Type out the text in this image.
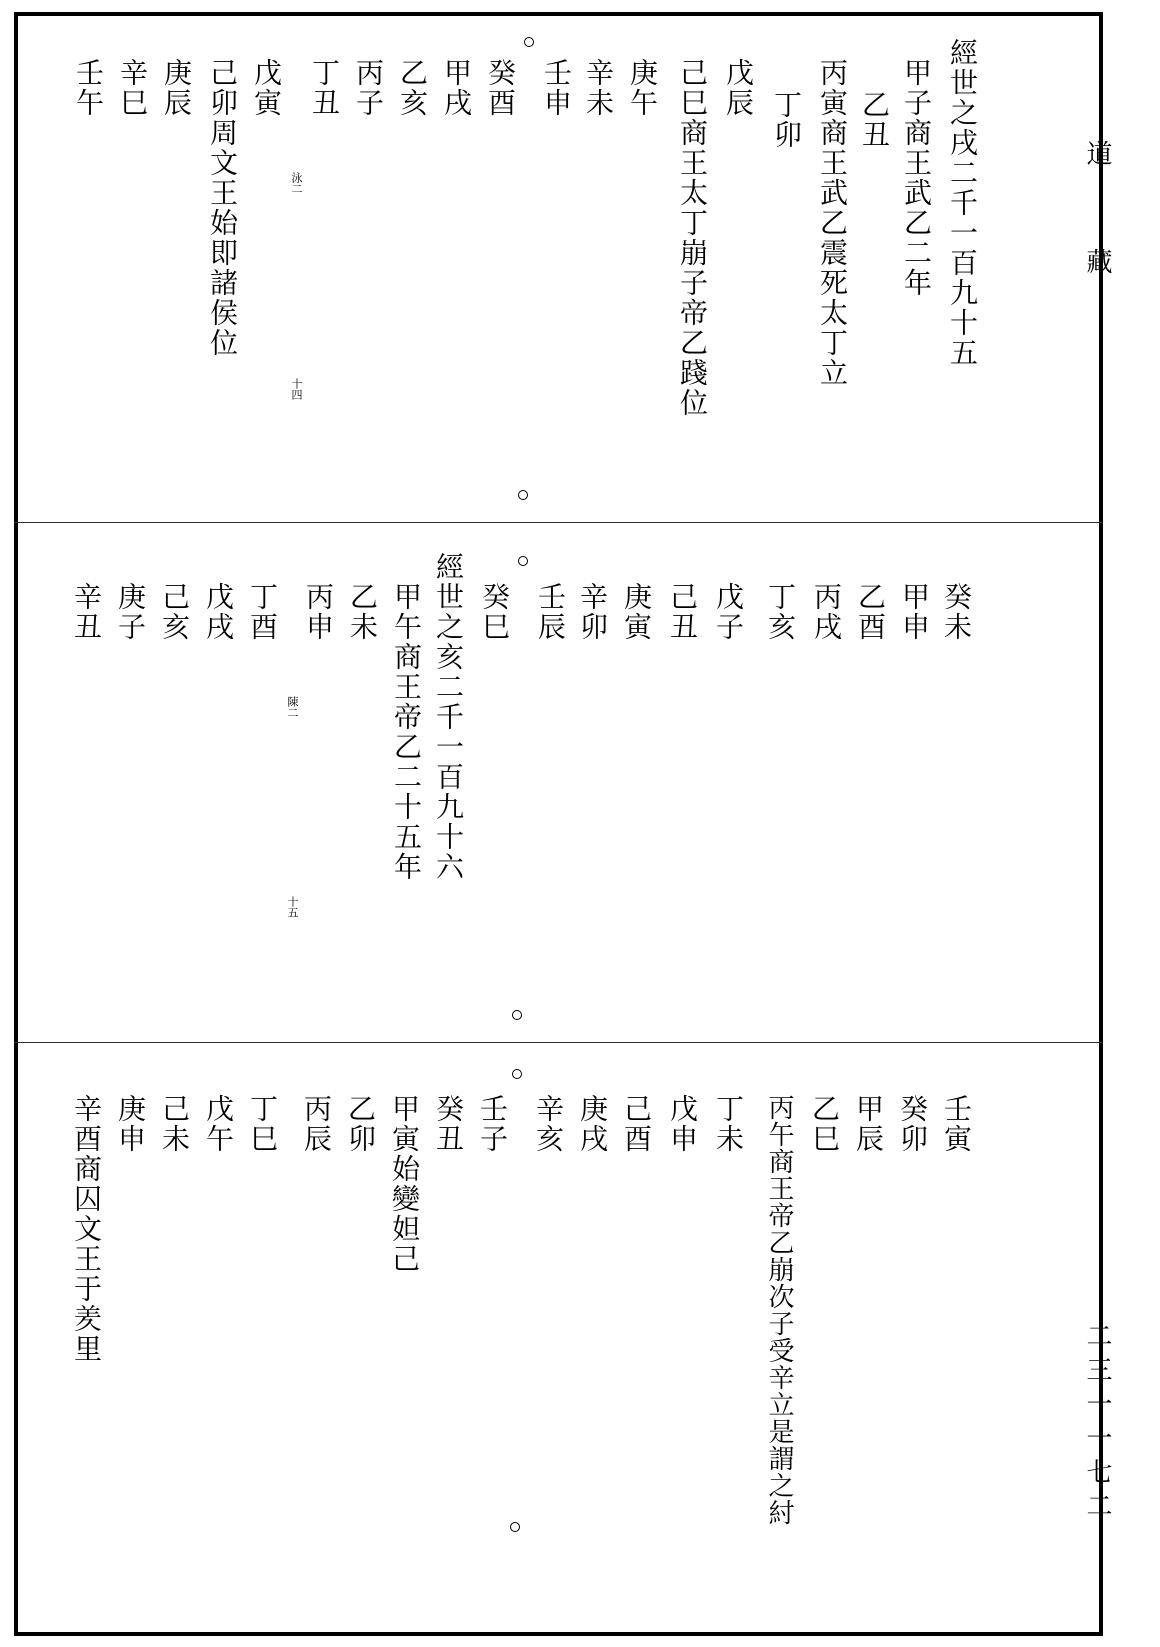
道
藏
二三一一七二
經世之戌二千一百九十五
甲子商王武乙二年
乙丑
丙寅商王武乙震死太丁立
丁卯
戊辰
己巳商王太丁崩子帝乙踐位
庚午
辛未
壬申
癸酉
甲戌
乙亥
丙子
丁丑
戊寅
己卯周文王始即諸侯位
庚辰
辛巳
壬午
泳二
十四
癸未
甲申
乙酉
丙戌
丁亥
戊子
己丑
庚寅
辛卯
壬辰
癸巳
經世之亥二千一百九十六
甲午商王帝乙二十五年
乙未
丙申
丁酉
戊戌
己亥
庚子
辛丑
陳二
十五
壬寅
癸卯
甲辰
乙巳
丙午商王帝乙崩次子受辛立是謂之紂
丁未
戊申
己酉
庚戌
辛亥
壬子
癸丑
甲寅始變妲己
乙卯
丙辰
丁巳
戊午
己未
庚申
辛酉商囚文王于羑里
